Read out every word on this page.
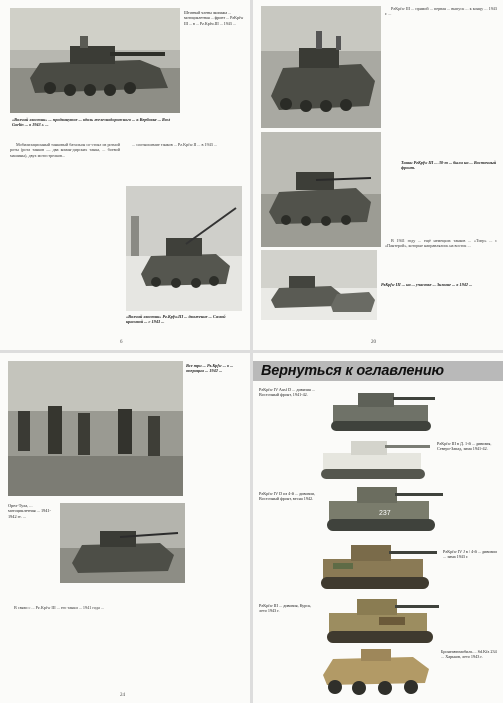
Штатный члены экипажа ... мотоциклетная ... фронт ... PzKpfw III ... в ... Pz.Kpfw.III ... 1943 ...
«Волчий хвостик» ... продвинутое ... вдоль железнодорожного ... к Вербовке ... Rost Gorlin ... в 1943 г. ...

Мобилизационный танковый батальон со-стоял из ротной роты (рота танков — два коман-дирских танка, ... боевой машины), двух мотострелков...

... соотношение танков ... Pz.Kpfw.II ... в 1943 ...

«Волчий хвостик» Pz.Kpfw.III ... движение ... Самой красивой ... с 1943 ...
6

PzKpfw III ... прямой ... первая ... выпуск ... к концу ... 1943 г. ...

Танки PzKpfw III ... 30-т ... были на ... Восточный фронт.

В 1941 году ... ещё немецких танков ... «Тигр» ... с «Пантерой», которые направлялись на восток ...

PzKpfw III ... на ... участке ... Зимние ... в 1942 ...
20
Все три ... Pz.Kpfw ... в ... операции ... 1942 ...
Орел-Тула, ... мотоциклетная ... 1941-1942 гг. ...

В связи с ... Pz.Kpfw III ... его танки ... 1941 года ...

24
Вернуться к оглавлению
PzKpfw IV Ausf D ... дивизия ... Восточный фронт, 1941-42.
PzKpfw III в Д. 1-й ... дивизия, Северо-Запад, зима 1941-42.
PzKpfw IV D из 4-й ... дивизии, Восточный фронт, весна 1942.
237
PzKpfw IV J в / 4-й ... дивизии ... зима 1943 г.
PzKpfw III ... дивизия, Курск, лето 1943 г.
Бронеавтомобиль ... Sd.Kfz 234 ... Харьков, лето 1943 г.
